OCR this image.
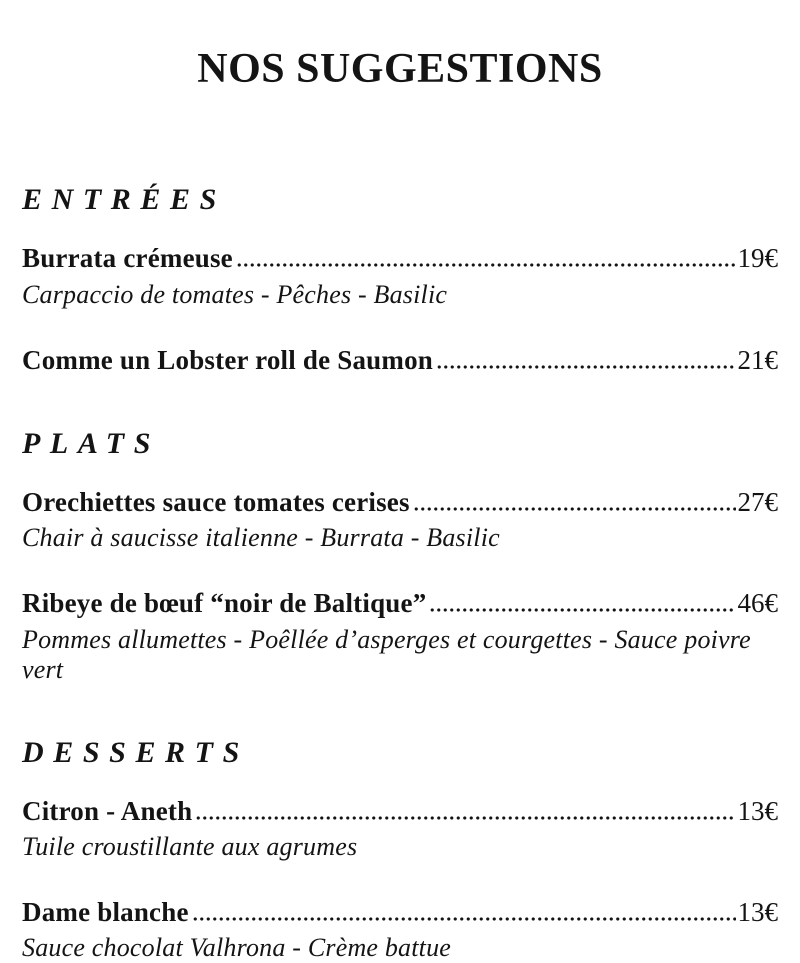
NOS SUGGESTIONS
ENTRÉES
Burrata crémeuse	19€
Carpaccio de tomates - Pêches - Basilic
Comme un Lobster roll de Saumon	21€
PLATS
Orechiettes sauce tomates cerises	27€
Chair à saucisse italienne - Burrata - Basilic
Ribeye de bœuf “noir de Baltique”	46€
Pommes allumettes - Poêllée d’asperges et courgettes - Sauce poivre vert
DESSERTS
Citron - Aneth	13€
Tuile croustillante aux agrumes
Dame blanche	13€
Sauce chocolat Valhrona - Crème battue
